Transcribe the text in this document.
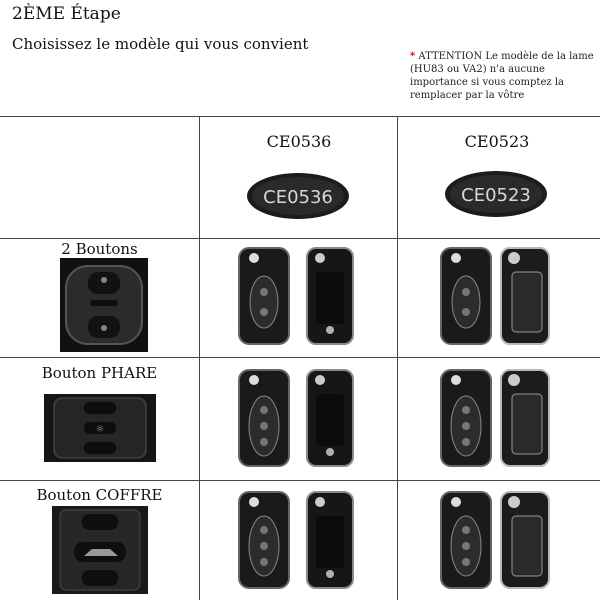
2ÈME Étape
Choisissez le modèle qui vous convient
* ATTENTION Le modèle de la lame (HU83 ou VA2) n'a aucune importance si vous comptez la remplacer par la vôtre
CE0536	CE0523
CE0536	CE0523
2 Boutons
Bouton PHARE
Bouton COFFRE
☼
